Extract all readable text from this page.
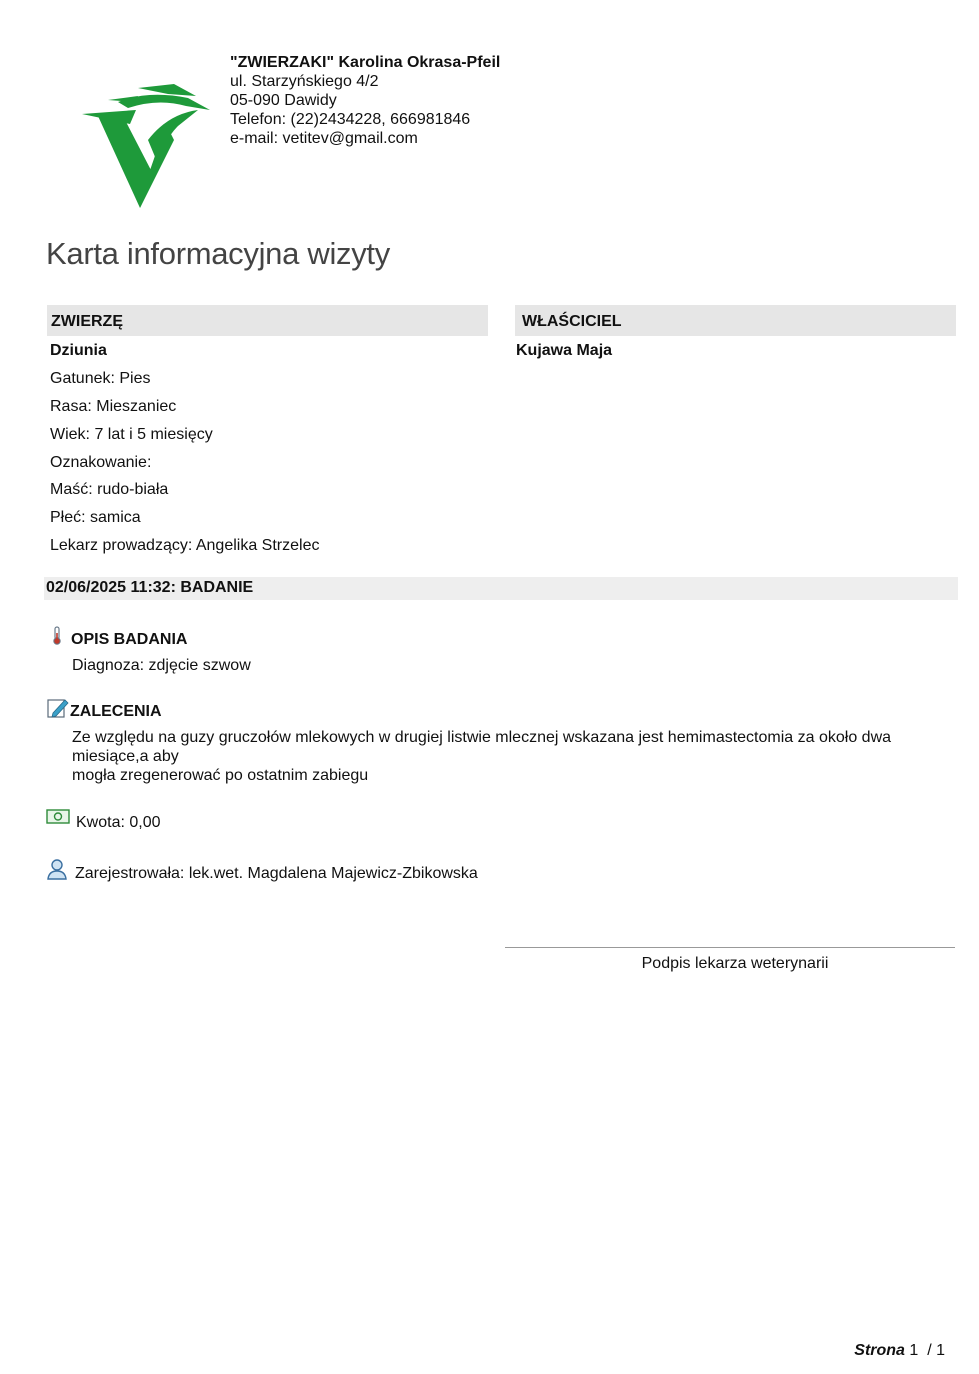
"ZWIERZAKI" Karolina Okrasa-Pfeil
ul. Starzyńskiego 4/2
05-090 Dawidy
Telefon: (22)2434228, 666981846
e-mail: vetitev@gmail.com
Karta informacyjna wizyty
ZWIERZĘ	WŁAŚCICIEL
Dziunia	Kujawa Maja
Gatunek: Pies
Rasa: Mieszaniec
Wiek: 7 lat i 5 miesięcy
Oznakowanie:
Maść: rudo-biała
Płeć: samica
Lekarz prowadzący: Angelika Strzelec
02/06/2025 11:32: BADANIE
OPIS BADANIA
Diagnoza: zdjęcie szwow
ZALECENIA
Ze względu na guzy gruczołów mlekowych w drugiej listwie mlecznej wskazana jest hemimastectomia za około dwa miesiące,a aby
mogła zregenerować po ostatnim zabiegu
Kwota: 0,00
Zarejestrowała: lek.wet. Magdalena Majewicz-Zbikowska
Podpis lekarza weterynarii
Strona 1 / 1
